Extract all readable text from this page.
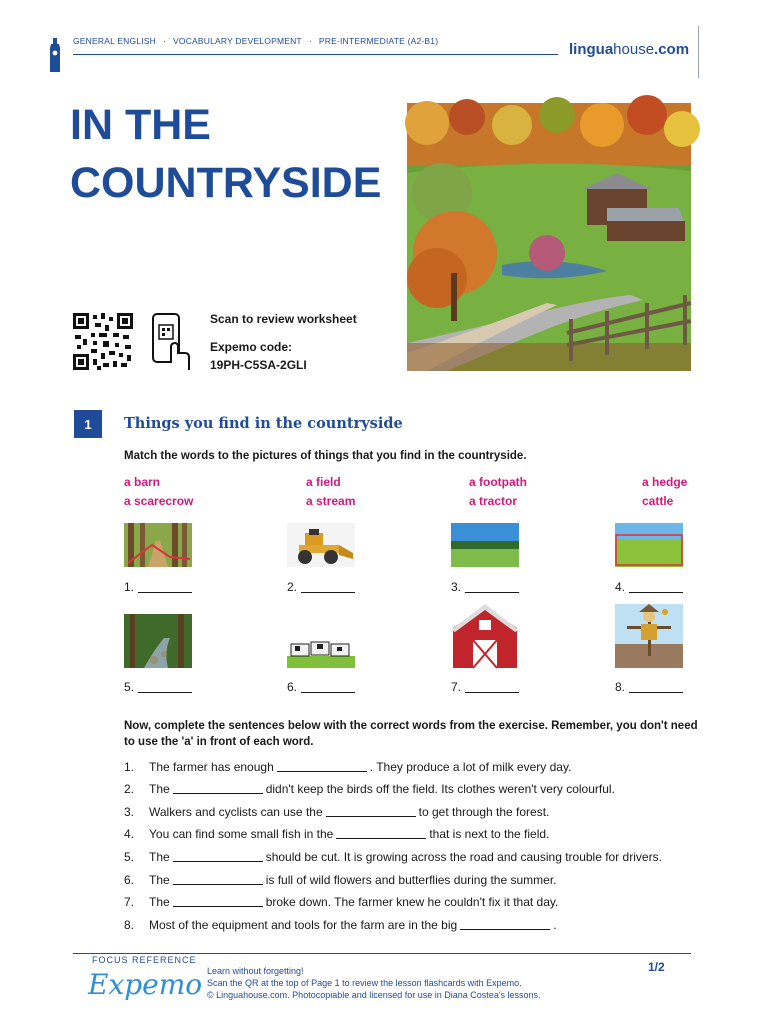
GENERAL ENGLISH · VOCABULARY DEVELOPMENT · PRE-INTERMEDIATE (A2-B1)	linguahouse.com
IN THE
COUNTRYSIDE
Scan to review worksheet
Expemo code:
19PH-C5SA-2GLI
1	Things you find in the countryside
Match the words to the pictures of things that you find in the countryside.
a barn	a field	a footpath	a hedge
a scarecrow	a stream	a tractor	cattle
1.	2.	3.	4.
5.	6.	7.	8.
Now, complete the sentences below with the correct words from the exercise. Remember, you don't need to use the 'a' in front of each word.
1. The farmer has enough	. They produce a lot of milk every day.
2. The	didn't keep the birds off the field. Its clothes weren't very colourful.
3. Walkers and cyclists can use the	to get through the forest.
4. You can find some small fish in the	that is next to the field.
5. The	should be cut. It is growing across the road and causing trouble for drivers.
6. The	is full of wild flowers and butterflies during the summer.
7. The	broke down. The farmer knew he couldn't fix it that day.
8. Most of the equipment and tools for the farm are in the big	.
FOCUS REFERENCE
Expemo Learn without forgetting!
Scan the QR at the top of Page 1 to review the lesson flashcards with Expemo.
© Linguahouse.com. Photocopiable and licensed for use in Diana Costea's lessons.
1/2
